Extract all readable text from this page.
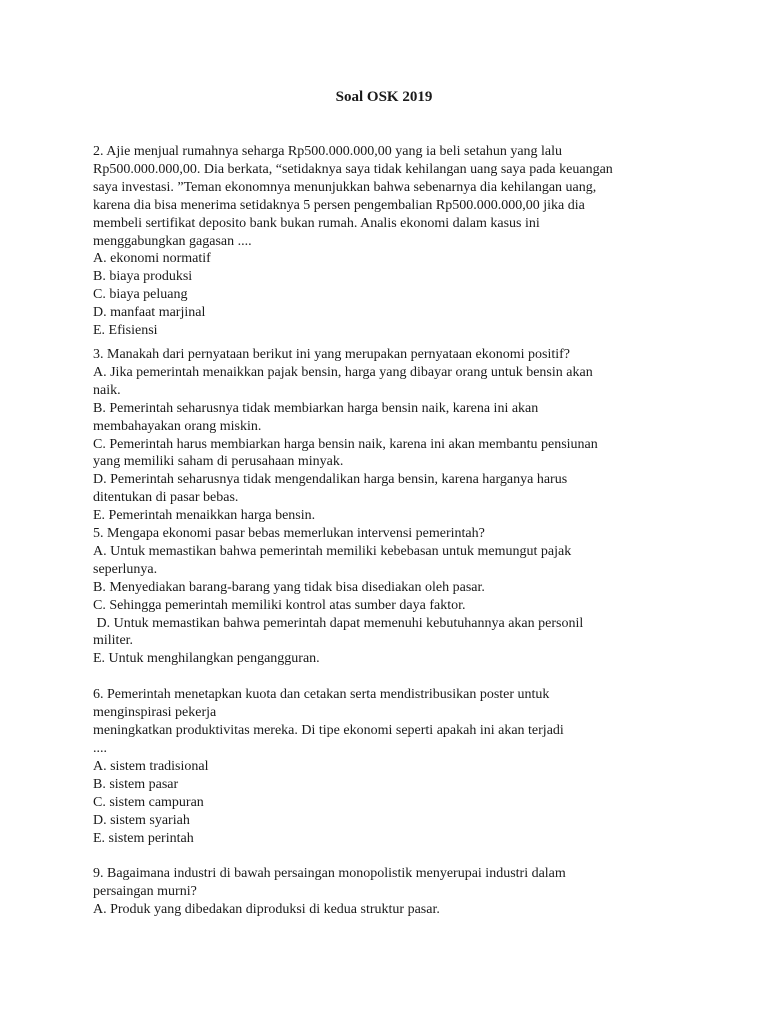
Soal OSK 2019

2. Ajie menjual rumahnya seharga Rp500.000.000,00 yang ia beli setahun yang lalu

Rp500.000.000,00. Dia berkata, “setidaknya saya tidak kehilangan uang saya pada keuangan

saya investasi. ”Teman ekonomnya menunjukkan bahwa sebenarnya dia kehilangan uang,

karena dia bisa menerima setidaknya 5 persen pengembalian Rp500.000.000,00 jika dia

membeli sertifikat deposito bank bukan rumah. Analis ekonomi dalam kasus ini

menggabungkan gagasan ....

A. ekonomi normatif

B. biaya produksi

C. biaya peluang

D. manfaat marjinal

E. Efisiensi

3. Manakah dari pernyataan berikut ini yang merupakan pernyataan ekonomi positif?

A. Jika pemerintah menaikkan pajak bensin, harga yang dibayar orang untuk bensin akan

naik.

B. Pemerintah seharusnya tidak membiarkan harga bensin naik, karena ini akan

membahayakan orang miskin.

C. Pemerintah harus membiarkan harga bensin naik, karena ini akan membantu pensiunan

yang memiliki saham di perusahaan minyak.

D. Pemerintah seharusnya tidak mengendalikan harga bensin, karena harganya harus

ditentukan di pasar bebas.

E. Pemerintah menaikkan harga bensin.

5. Mengapa ekonomi pasar bebas memerlukan intervensi pemerintah?

A. Untuk memastikan bahwa pemerintah memiliki kebebasan untuk memungut pajak

seperlunya.

B. Menyediakan barang-barang yang tidak bisa disediakan oleh pasar.

C. Sehingga pemerintah memiliki kontrol atas sumber daya faktor.

D. Untuk memastikan bahwa pemerintah dapat memenuhi kebutuhannya akan personil

militer.

E. Untuk menghilangkan pengangguran.

6. Pemerintah menetapkan kuota dan cetakan serta mendistribusikan poster untuk

menginspirasi pekerja

meningkatkan produktivitas mereka. Di tipe ekonomi seperti apakah ini akan terjadi

....

A. sistem tradisional

B. sistem pasar

C. sistem campuran

D. sistem syariah

E. sistem perintah

9. Bagaimana industri di bawah persaingan monopolistik menyerupai industri dalam

persaingan murni?

A. Produk yang dibedakan diproduksi di kedua struktur pasar.
